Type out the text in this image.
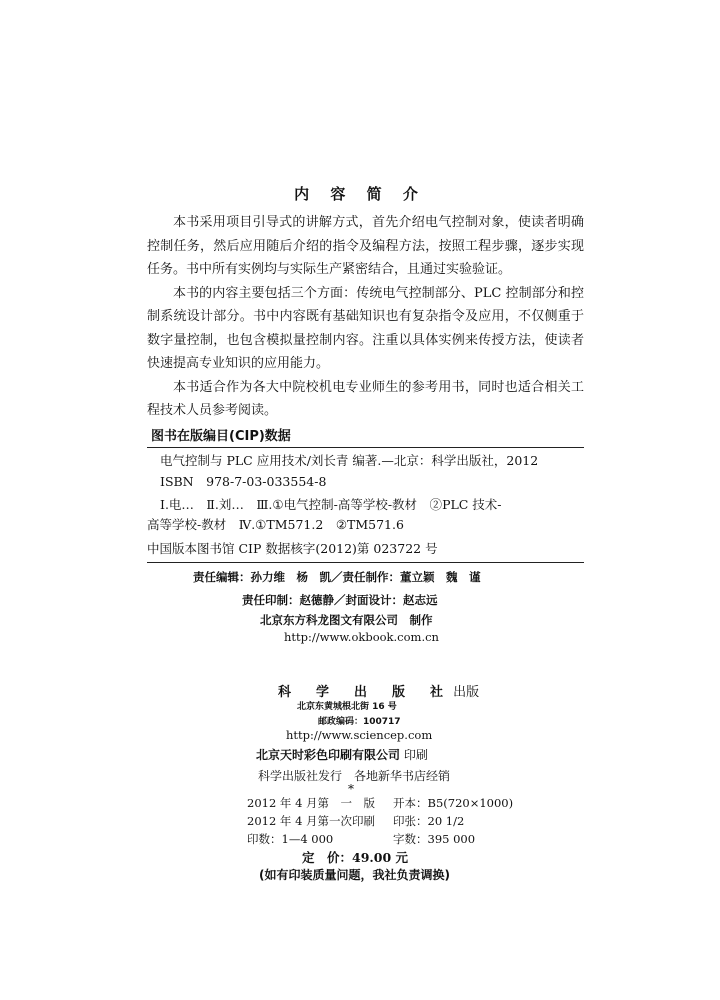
内 容 简 介

本书采用项目引导式的讲解方式，首先介绍电气控制对象，使读者明确控制任务，然后应用随后介绍的指令及编程方法，按照工程步骤，逐步实现任务。书中所有实例均与实际生产紧密结合，且通过实验验证。

本书的内容主要包括三个方面：传统电气控制部分、PLC 控制部分和控制系统设计部分。书中内容既有基础知识也有复杂指令及应用，不仅侧重于数字量控制，也包含模拟量控制内容。注重以具体实例来传授方法，使读者快速提高专业知识的应用能力。

本书适合作为各大中院校机电专业师生的参考用书，同时也适合相关工程技术人员参考阅读。

图书在版编目(CIP)数据
电气控制与 PLC 应用技术/刘长青 编著.—北京：科学出版社，2012
ISBN　978-7-03-033554-8
Ⅰ.电…　Ⅱ.刘…　Ⅲ.①电气控制-高等学校-教材　②PLC 技术-
高等学校-教材　Ⅳ.①TM571.2　②TM571.6
中国版本图书馆 CIP 数据核字(2012)第 023722 号
责任编辑：孙力维　杨　凯／责任制作：董立颖　魏　谨
责任印制：赵德静／封面设计：赵志远
北京东方科龙图文有限公司　制作
http://www.okbook.com.cn
科　学　出　版　社 出版
北京东黄城根北街 16 号
邮政编码：100717
http://www.sciencep.com
北京天时彩色印刷有限公司 印刷
科学出版社发行　各地新华书店经销
*
2012 年 4 月第　一　版 开本：B5(720×1000)
2012 年 4 月第一次印刷 印张：20 1/2
印数：1—4 000	字数：395 000
定　价：49.00 元
(如有印装质量问题，我社负责调换)
